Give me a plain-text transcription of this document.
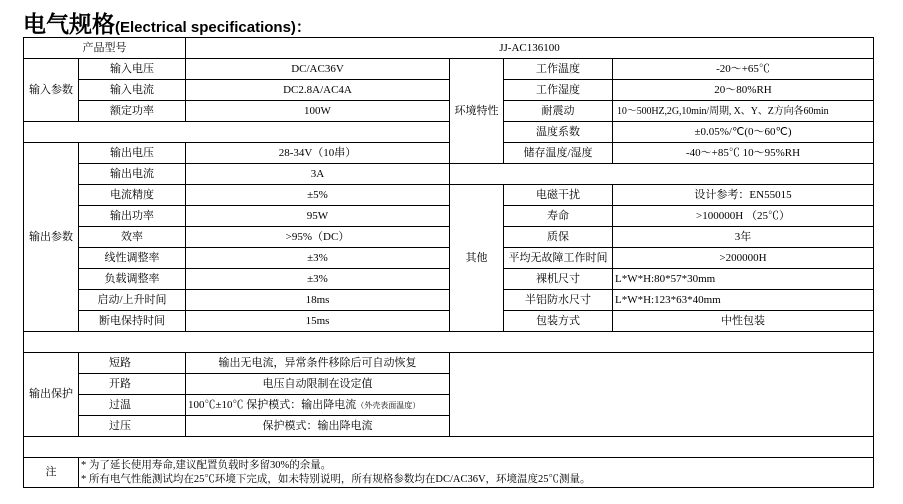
电气规格(Electrical specifications)：
产品型号		JJ-AC136100			
输入参数	输入电压	DC/AC36V	环境特性	工作温度	-20～+65℃
	输入电流	DC2.8A/AC4A		工作湿度	20～80%RH
	额定功率	100W		耐震动	10～500HZ,2G,10min/周期, X、Y、Z方向各60min
				温度系数	±0.05%/℃(0～60℃)
输出参数	输出电压	28-34V（10串）		储存温度/湿度	-40～+85℃ 10～95%RH
	输出电流	3A			
	电流精度	±5%	其他	电磁干扰	设计参考：EN55015
	输出功率	95W		寿命	>100000H （25℃）
	效率	>95%（DC）		质保	3年
	线性调整率	±3%		平均无故障工作时间	>200000H
	负载调整率	±3%		裸机尺寸	L*W*H:80*57*30mm
	启动/上升时间	18ms		半铝防水尺寸	L*W*H:123*63*40mm
	断电保持时间	15ms		包装方式	中性包装

输出保护	短路	输出无电流，异常条件移除后可自动恢复			
	开路	电压自动限制在设定值			
	过温	100℃±10℃ 保护模式：输出降电流（外壳表面温度）			
	过压	保护模式：输出降电流			

注	* 为了延长使用寿命,建议配置负载时多留30%的余量。
* 所有电气性能测试均在25℃环境下完成，如未特别说明，所有规格参数均在DC/AC36V，环境温度25℃测量。				
